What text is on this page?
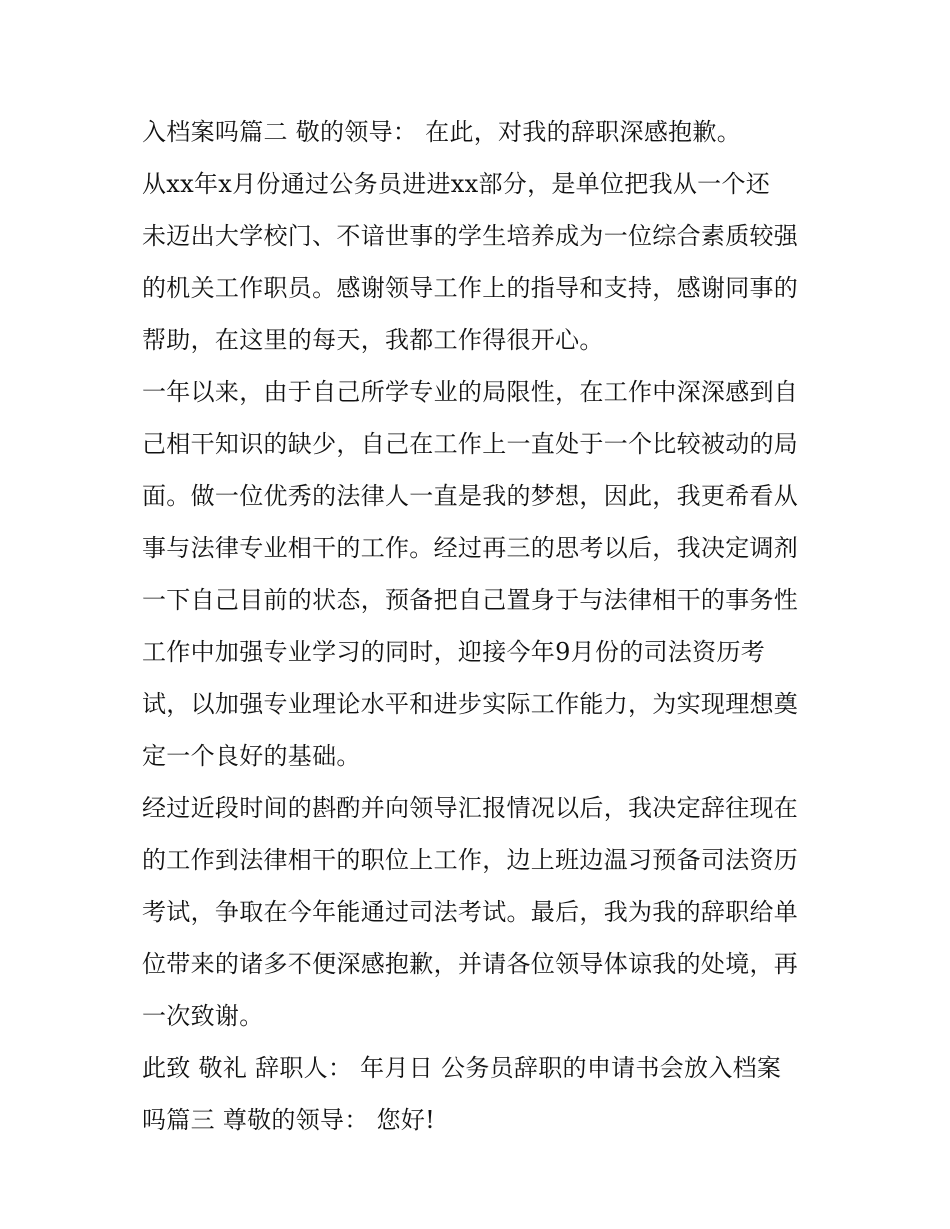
入档案吗篇二 敬的领导： 在此，对我的辞职深感抱歉。
从xx年x月份通过公务员进进xx部分，是单位把我从一个还
未迈出大学校门、不谙世事的学生培养成为一位综合素质较强
的机关工作职员。感谢领导工作上的指导和支持，感谢同事的
帮助，在这里的每天，我都工作得很开心。
一年以来，由于自己所学专业的局限性，在工作中深深感到自
己相干知识的缺少，自己在工作上一直处于一个比较被动的局
面。做一位优秀的法律人一直是我的梦想，因此，我更希看从
事与法律专业相干的工作。经过再三的思考以后，我决定调剂
一下自己目前的状态，预备把自己置身于与法律相干的事务性
工作中加强专业学习的同时，迎接今年9月份的司法资历考
试，以加强专业理论水平和进步实际工作能力，为实现理想奠
定一个良好的基础。
经过近段时间的斟酌并向领导汇报情况以后，我决定辞往现在
的工作到法律相干的职位上工作，边上班边温习预备司法资历
考试，争取在今年能通过司法考试。最后，我为我的辞职给单
位带来的诸多不便深感抱歉，并请各位领导体谅我的处境，再
一次致谢。
此致 敬礼 辞职人： 年月日 公务员辞职的申请书会放入档案
吗篇三 尊敬的领导： 您好!
